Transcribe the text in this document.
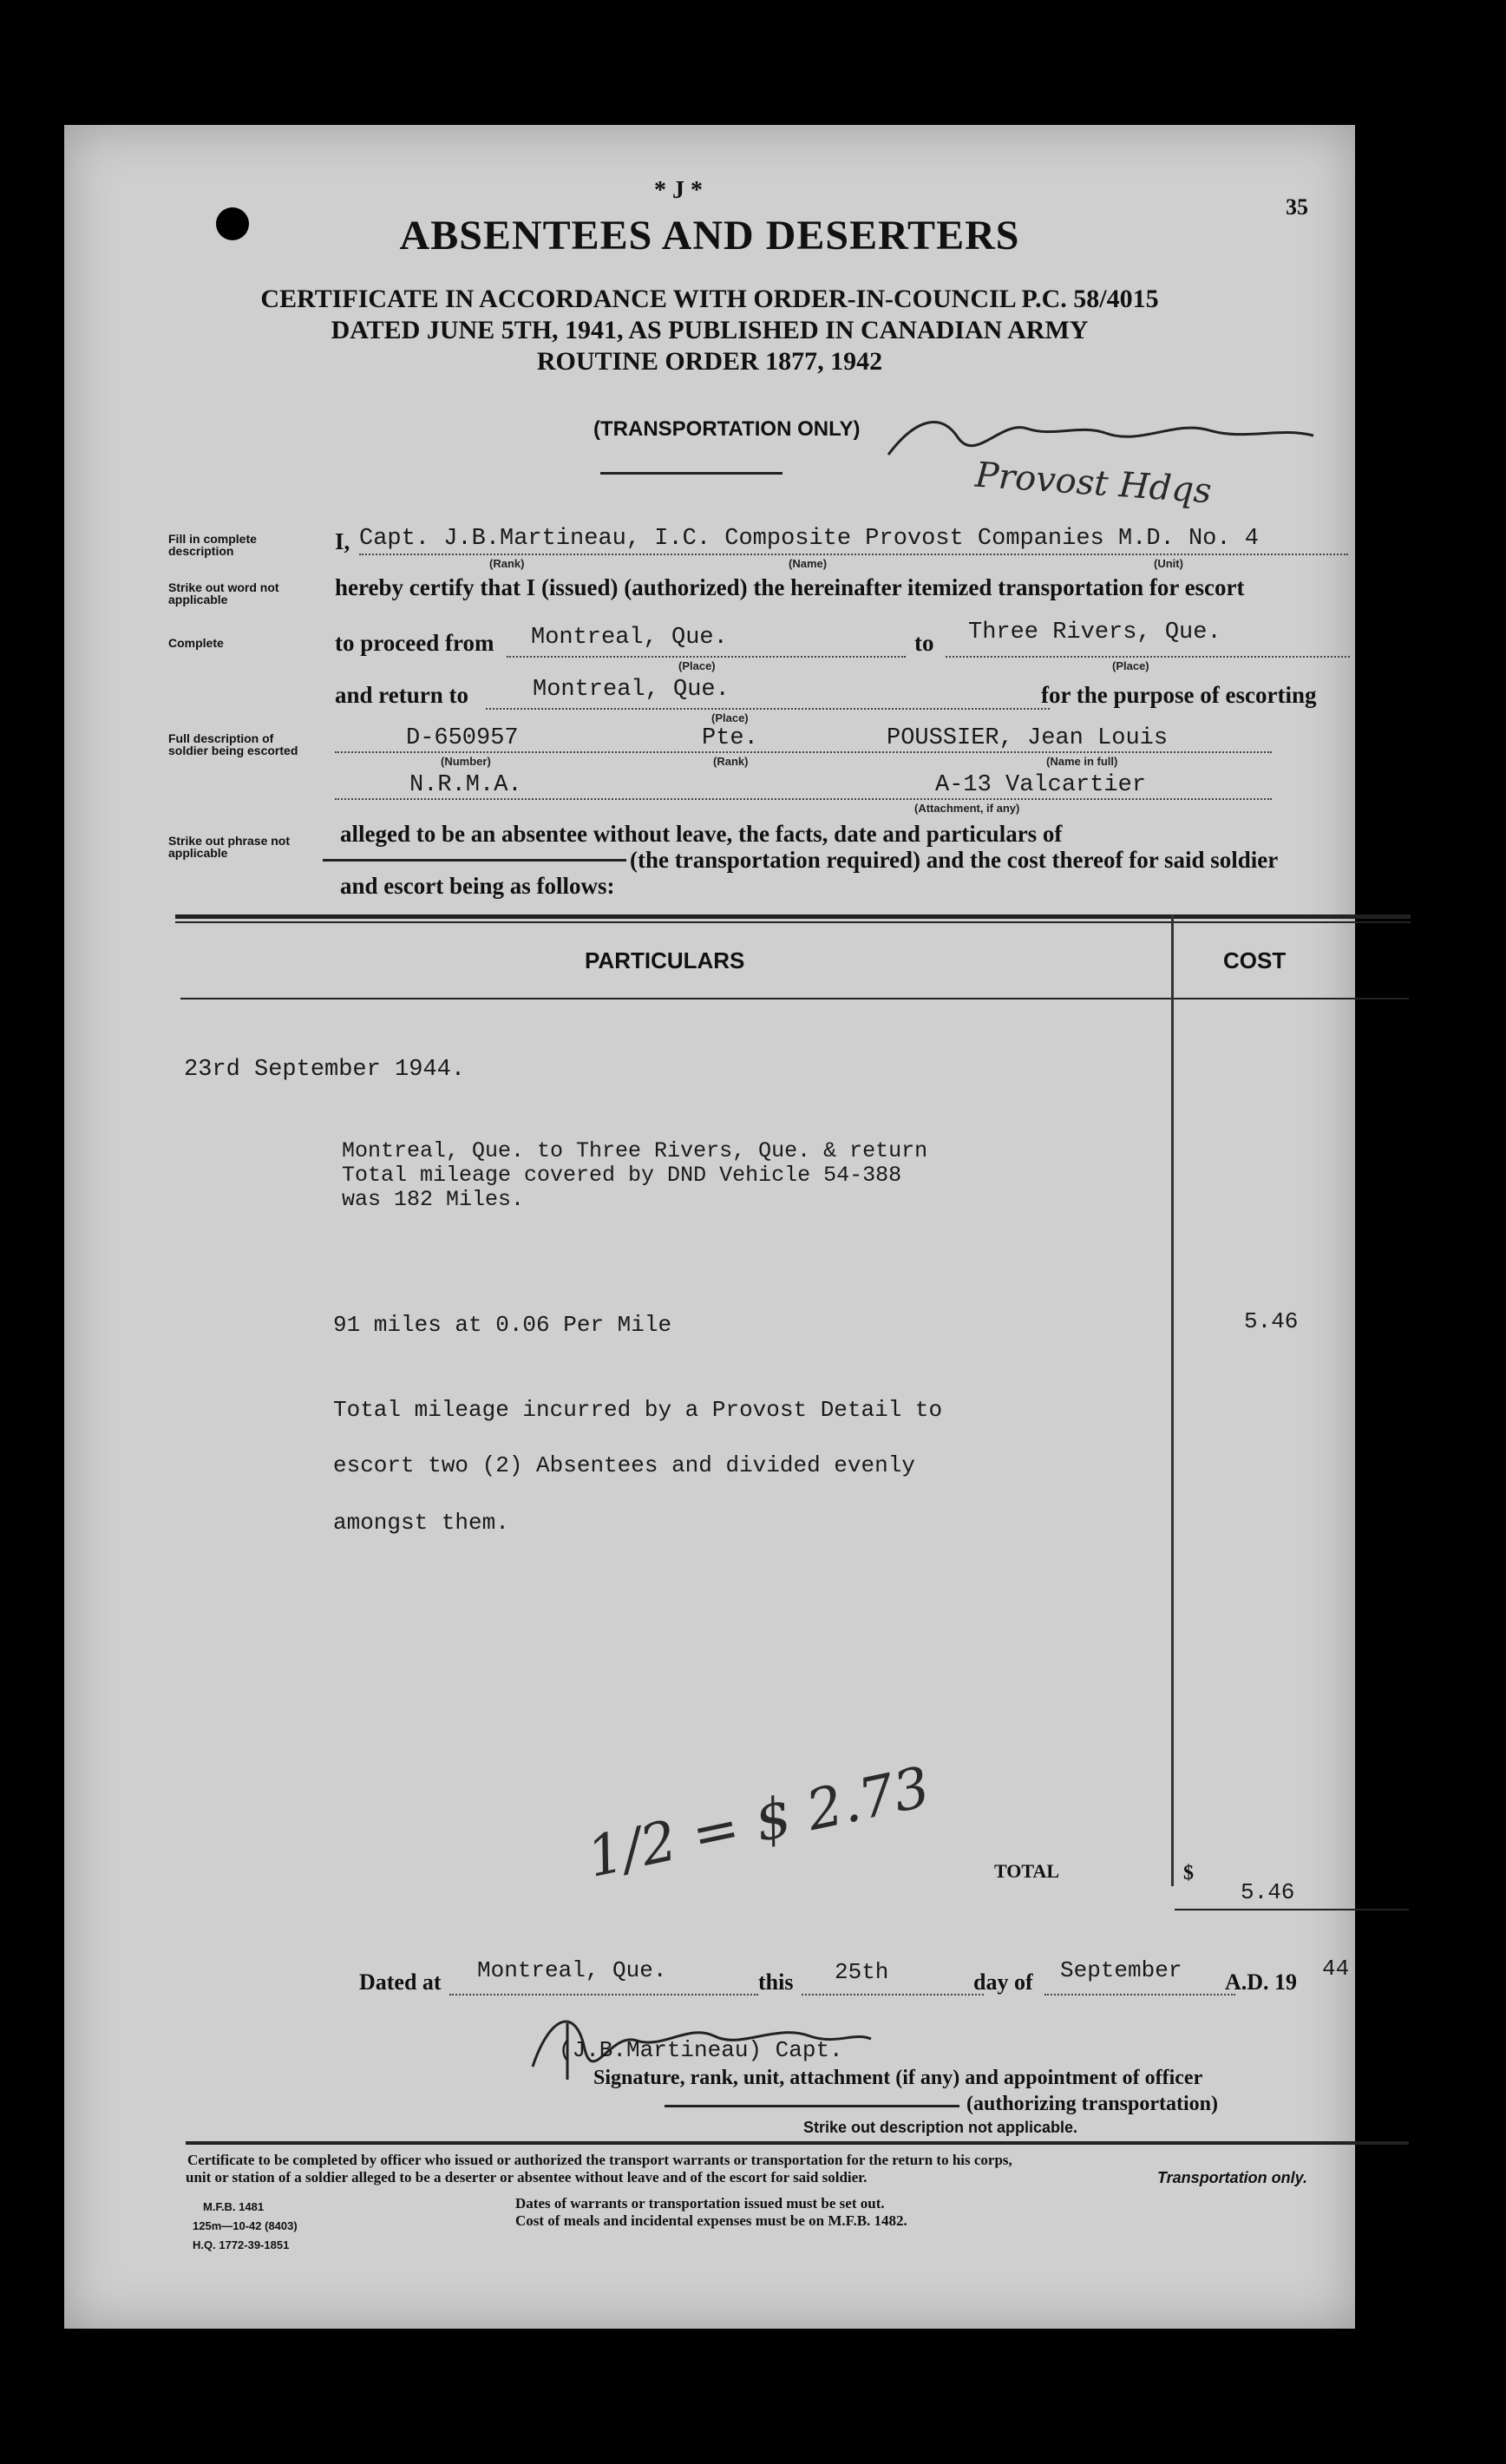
* J *
35
ABSENTEES AND DESERTERS
CERTIFICATE IN ACCORDANCE WITH ORDER-IN-COUNCIL P.C. 58/4015
DATED JUNE 5TH, 1941, AS PUBLISHED IN CANADIAN ARMY
ROUTINE ORDER 1877, 1942
(TRANSPORTATION ONLY)
Provost Hdqs
Fill in complete description
Strike out word not applicable
Complete
Full description of soldier being escorted
Strike out phrase not applicable
I, Capt. J.B.Martineau, I.C. Composite Provost Companies M.D. No. 4
(Rank)	(Name)	(Unit)
hereby certify that I (issued) (authorized) the hereinafter itemized transportation for escort
to proceed from Montreal, Que.
(Place)
to Three Rivers, Que.
(Place)
and return to	Montreal, Que.
(Place)
for the purpose of escorting
D-650957	Pte.	POUSSIER, Jean Louis
(Number)	(Rank)	(Name in full)
N.R.M.A.	A-13 Valcartier
(Attachment, if any)
alleged to be an absentee without leave, the facts, date and particulars of
(the transportation required) and the cost thereof for said soldier
and escort being as follows:
PARTICULARS	COST
23rd September 1944.
Montreal, Que. to Three Rivers, Que. & return
Total mileage covered by DND Vehicle 54-388
was 182 Miles.
91 miles at 0.06 Per Mile	5.46
Total mileage incurred by a Provost Detail to
escort two (2) Absentees and divided evenly
amongst them.
1/2 = $ 2.73	TOTAL	$
5.46
Dated at Montreal, Que.	this 25th	day of September A.D. 19
44
(J.B.Martineau) Capt.
Signature, rank, unit, attachment (if any) and appointment of officer
(authorizing transportation)
Strike out description not applicable.
Certificate to be completed by officer who issued or authorized the transport warrants or transportation for the return to his corps,
unit or station of a soldier alleged to be a deserter or absentee without leave and of the escort for said soldier.	Transportation only.
Dates of warrants or transportation issued must be set out.
Cost of meals and incidental expenses must be on M.F.B. 1482.
M.F.B. 1481
125m—10-42 (8403)
H.Q. 1772-39-1851
